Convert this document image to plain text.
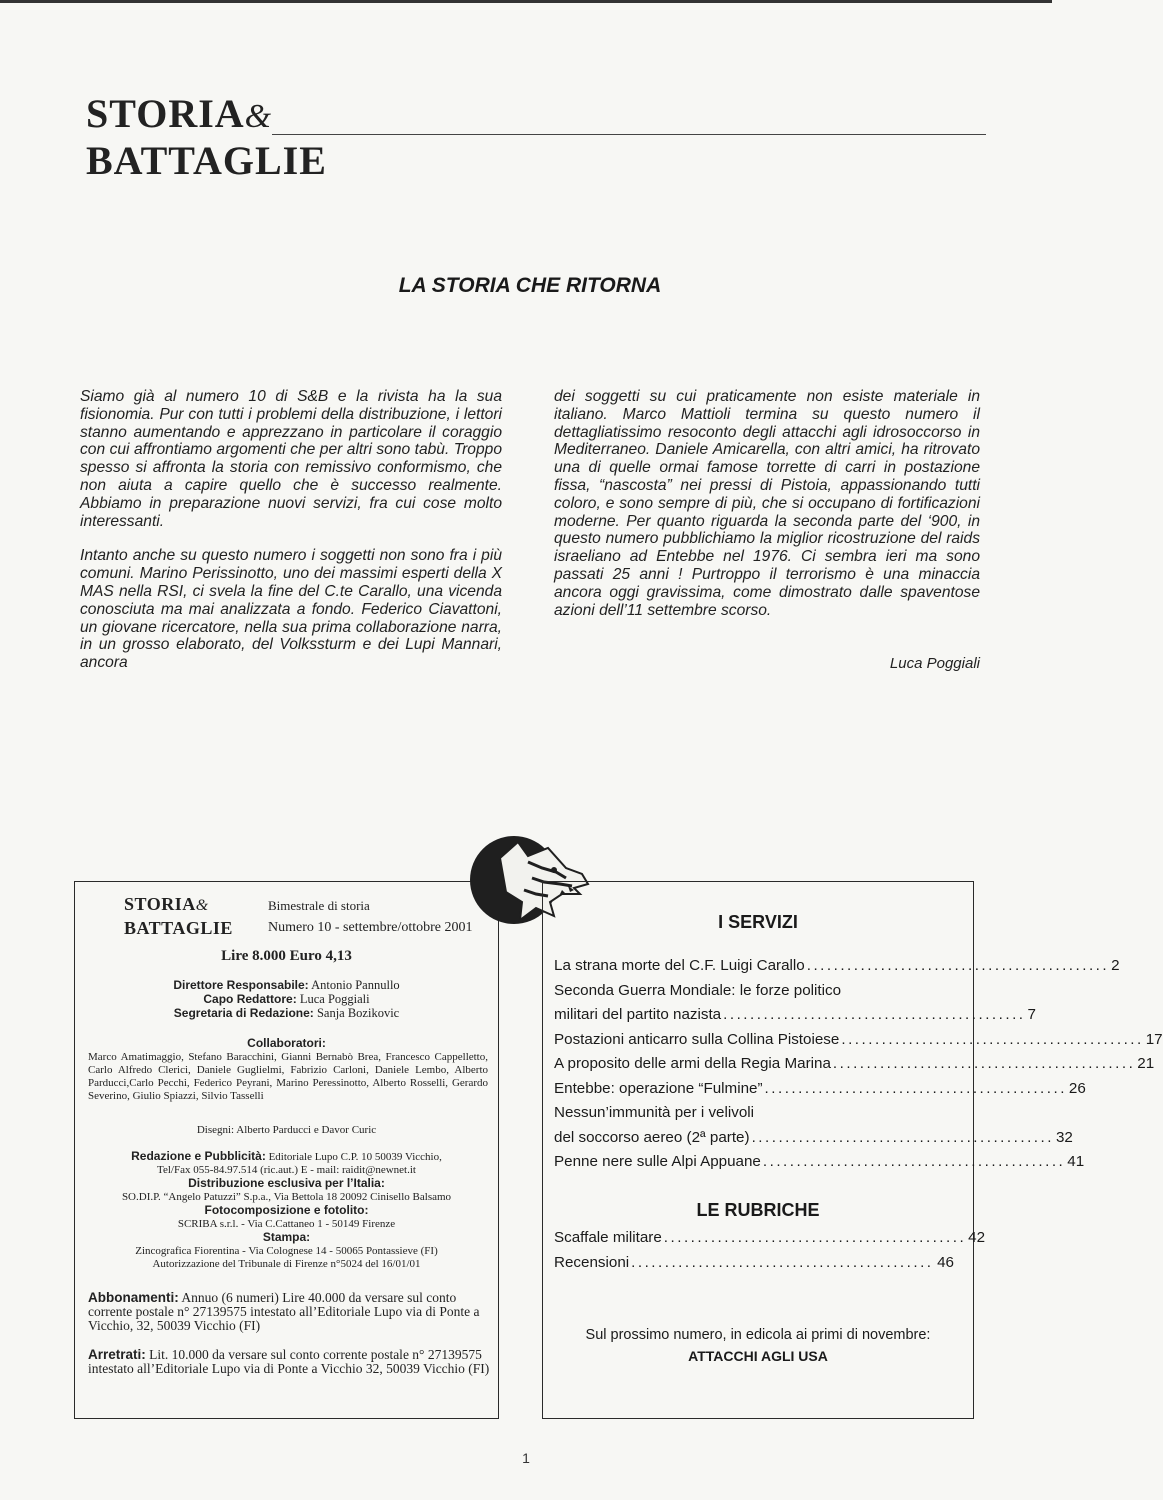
STORIA&
BATTAGLIE
LA STORIA CHE RITORNA

Siamo già al numero 10 di S&B e la rivista ha la sua fisionomia. Pur con tutti i problemi della distribuzione, i lettori stanno aumentando e apprezzano in particolare il coraggio con cui affrontiamo argomenti che per altri sono tabù. Troppo spesso si affronta la storia con remissivo conformismo, che non aiuta a capire quello che è successo realmente. Abbiamo in preparazione nuovi servizi, fra cui cose molto interessanti.

Intanto anche su questo numero i soggetti non sono fra i più comuni. Marino Perissinotto, uno dei massimi esperti della X MAS nella RSI, ci svela la fine del C.te Carallo, una vicenda conosciuta ma mai analizzata a fondo. Federico Ciavattoni, un giovane ricercatore, nella sua prima collaborazione narra, in un grosso elaborato, del Volkssturm e dei Lupi Mannari, ancora

dei soggetti su cui praticamente non esiste materiale in italiano. Marco Mattioli termina su questo numero il dettagliatissimo resoconto degli attacchi agli idrosoccorso in Mediterraneo. Daniele Amicarella, con altri amici, ha ritrovato una di quelle ormai famose torrette di carri in postazione fissa, “nascosta” nei pressi di Pistoia, appassionando tutti coloro, e sono sempre di più, che si occupano di fortificazioni moderne. Per quanto riguarda la seconda parte del ‘900, in questo numero pubblichiamo la miglior ricostruzione del raids israeliano ad Entebbe nel 1976. Ci sembra ieri ma sono passati 25 anni ! Purtroppo il terrorismo è una minaccia ancora oggi gravissima, come dimostrato dalle spaventose azioni dell’11 settembre scorso.

Luca Poggiali
STORIA&
BATTAGLIE
Bimestrale di storia
Numero 10 - settembre/ottobre 2001
Lire 8.000 Euro 4,13
Direttore Responsabile: Antonio Pannullo
Capo Redattore: Luca Poggiali
Segretaria di Redazione: Sanja Bozikovic
Collaboratori:
Marco Amatimaggio, Stefano Baracchini, Gianni Bernabò Brea, Francesco Cappelletto, Carlo Alfredo Clerici, Daniele Guglielmi, Fabrizio Carloni, Daniele Lembo, Alberto Parducci,Carlo Pecchi, Federico Peyrani, Marino Peressinotto, Alberto Rosselli, Gerardo Severino, Giulio Spiazzi, Silvio Tasselli
Disegni: Alberto Parducci e Davor Curic
Redazione e Pubblicità: Editoriale Lupo C.P. 10 50039 Vicchio,
Tel/Fax 055-84.97.514 (ric.aut.) E - mail: raidit@newnet.it
Distribuzione esclusiva per l’Italia:
SO.DI.P. “Angelo Patuzzi” S.p.a., Via Bettola 18 20092 Cinisello Balsamo
Fotocomposizione e fotolito:
SCRIBA s.r.l. - Via C.Cattaneo 1 - 50149 Firenze
Stampa:
Zincografica Fiorentina - Via Colognese 14 - 50065 Pontassieve (FI)
Autorizzazione del Tribunale di Firenze n°5024 del 16/01/01
Abbonamenti: Annuo (6 numeri) Lire 40.000 da versare sul conto corrente postale n° 27139575 intestato all’Editoriale Lupo via di Ponte a Vicchio, 32, 50039 Vicchio (FI)
Arretrati: Lit. 10.000 da versare sul conto corrente postale n° 27139575 intestato all’Editoriale Lupo via di Ponte a Vicchio 32, 50039 Vicchio (FI)
I SERVIZI
La strana morte del C.F. Luigi Carallo ............................................. 2
Seconda Guerra Mondiale: le forze politico
militari del partito nazista ............................................. 7
Postazioni anticarro sulla Collina Pistoiese ............................................. 17
A proposito delle armi della Regia Marina ............................................. 21
Entebbe: operazione “Fulmine” ............................................. 26
Nessun’immunità per i velivoli
del soccorso aereo (2ª parte) ............................................. 32
Penne nere sulle Alpi Appuane ............................................. 41
LE RUBRICHE
Scaffale militare ............................................. 42
Recensioni ............................................. 46
Sul prossimo numero, in edicola ai primi di novembre:
ATTACCHI AGLI USA
1
